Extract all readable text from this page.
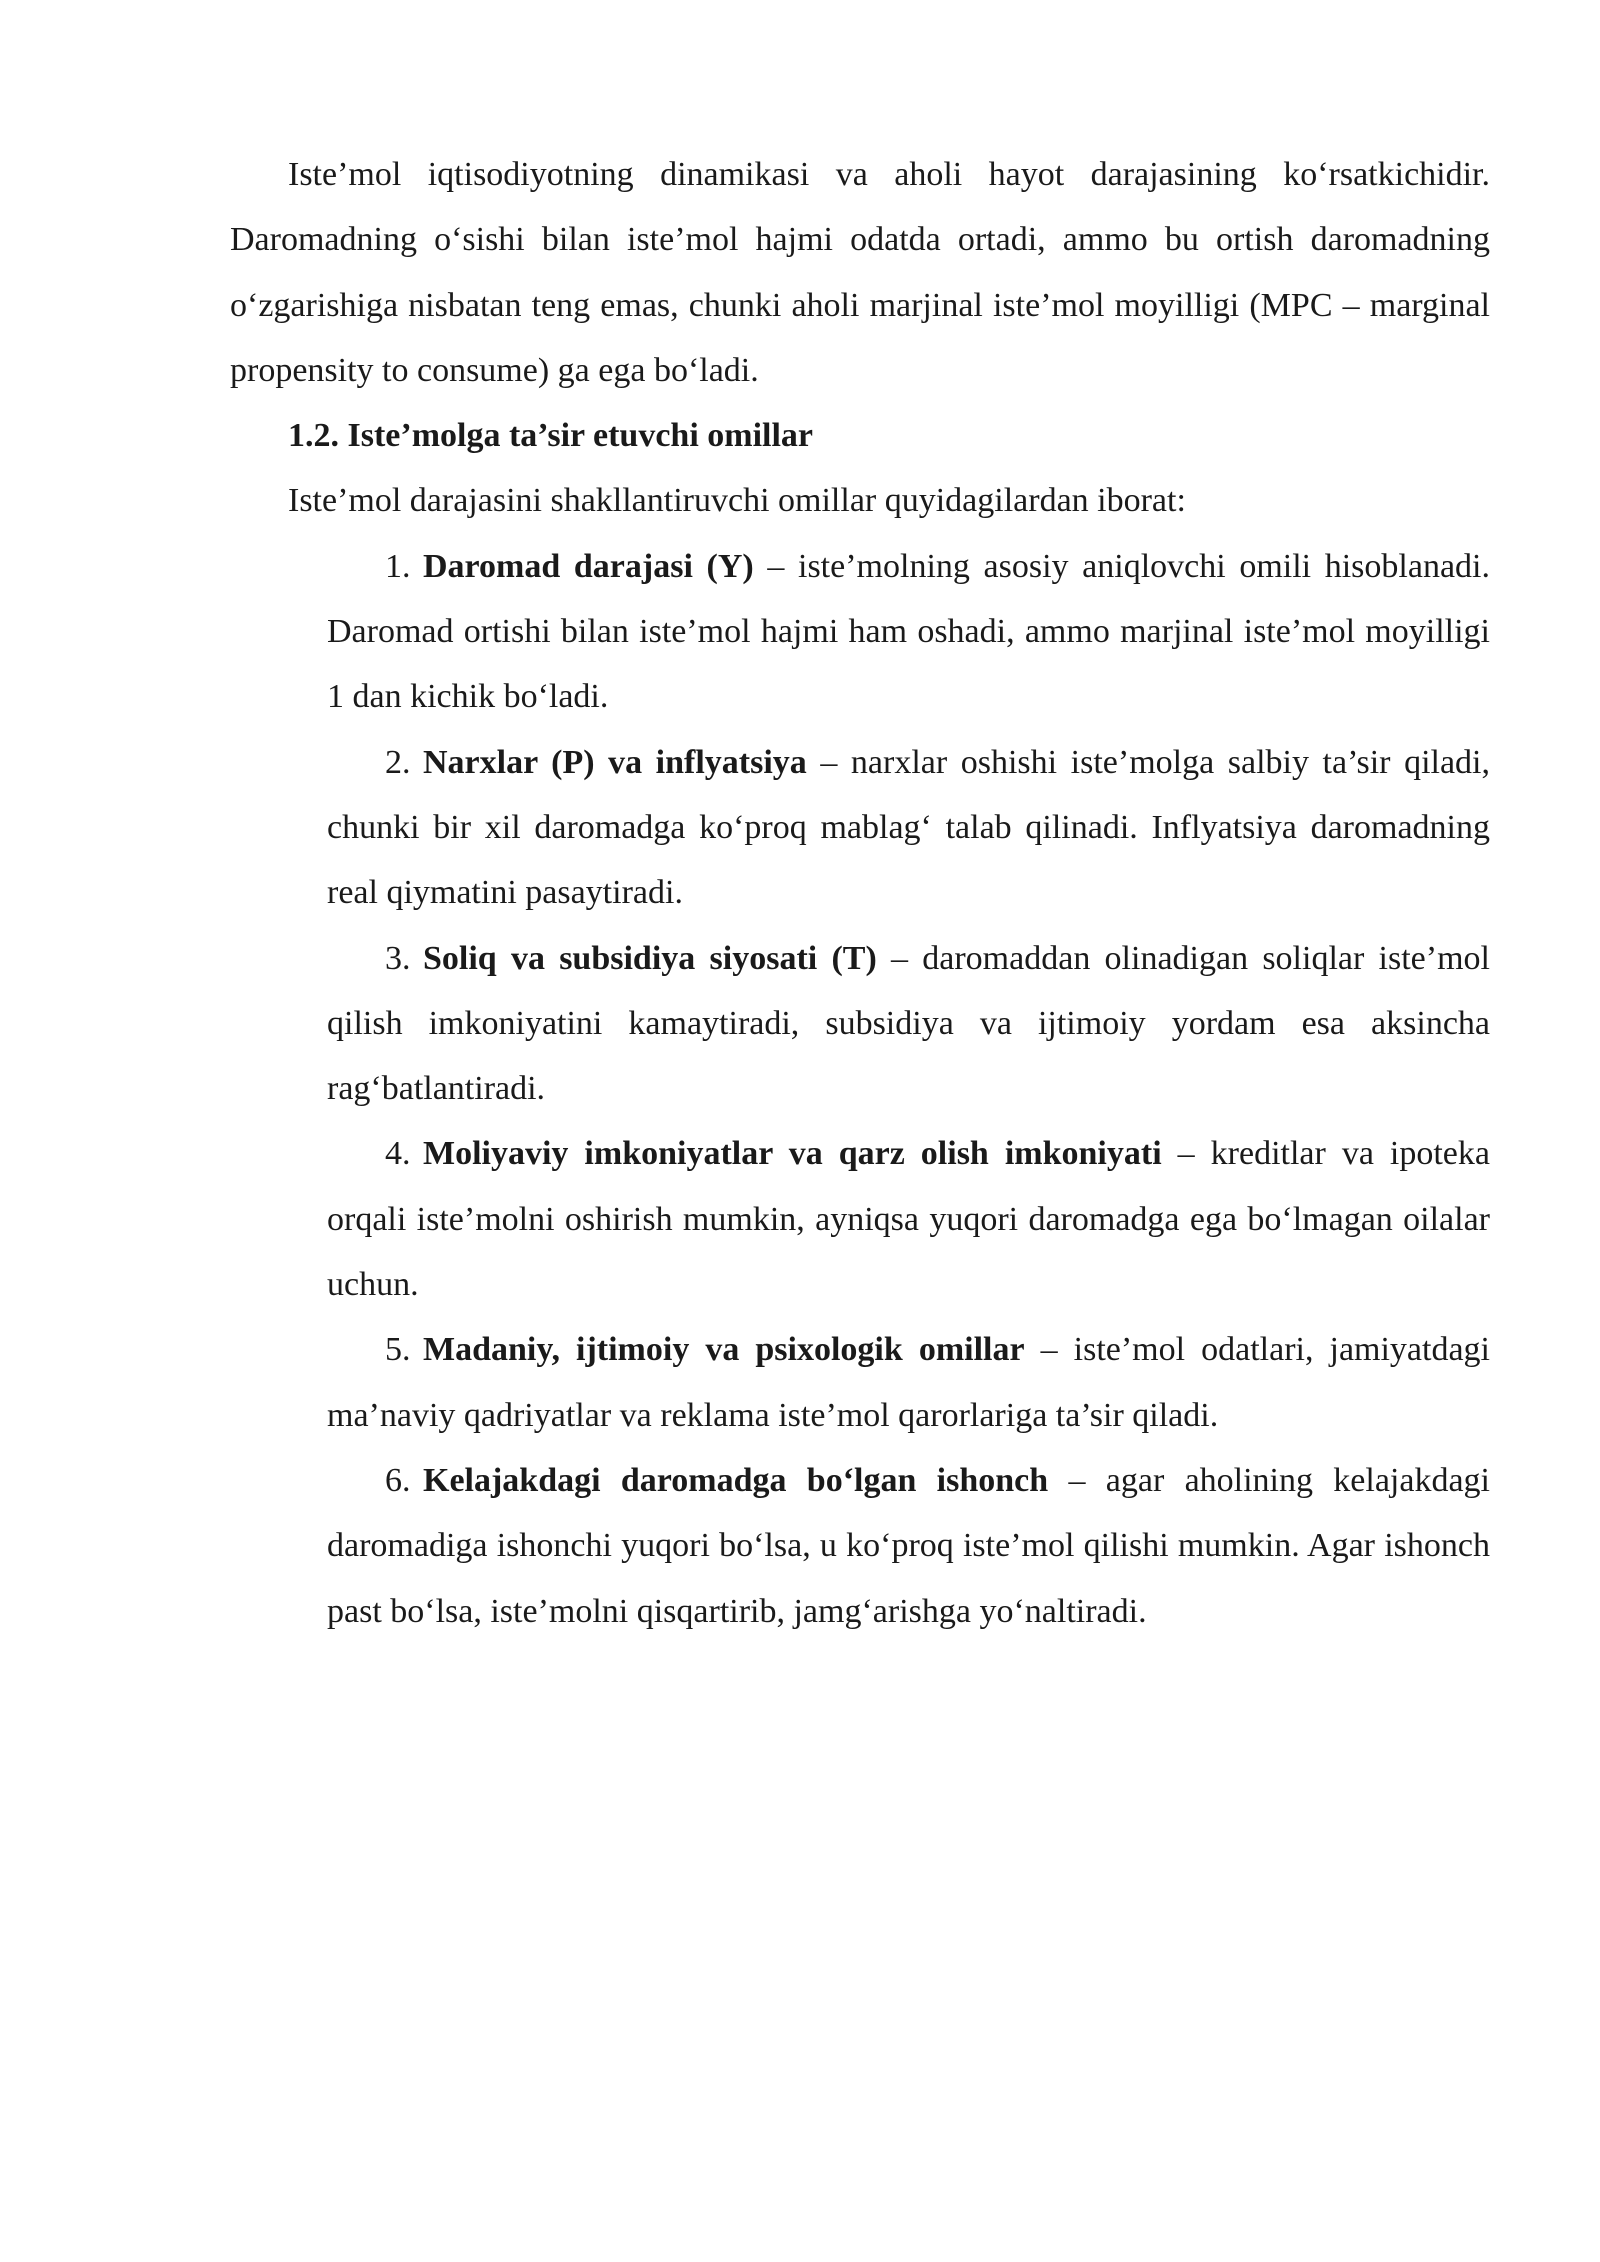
Iste’mol iqtisodiyotning dinamikasi va aholi hayot darajasining ko‘rsatkichidir. Daromadning o‘sishi bilan iste’mol hajmi odatda ortadi, ammo bu ortish daromadning o‘zgarishiga nisbatan teng emas, chunki aholi marjinal iste’mol moyilligi (MPC – marginal propensity to consume) ga ega bo‘ladi.

1.2. Iste’molga ta’sir etuvchi omillar

Iste’mol darajasini shakllantiruvchi omillar quyidagilardan iborat:

1. Daromad darajasi (Y) – iste’molning asosiy aniqlovchi omili hisoblanadi. Daromad ortishi bilan iste’mol hajmi ham oshadi, ammo marjinal iste’mol moyilligi 1 dan kichik bo‘ladi.
2. Narxlar (P) va inflyatsiya – narxlar oshishi iste’molga salbiy ta’sir qiladi, chunki bir xil daromadga ko‘proq mablag‘ talab qilinadi. Inflyatsiya daromadning real qiymatini pasaytiradi.
3. Soliq va subsidiya siyosati (T) – daromaddan olinadigan soliqlar iste’mol qilish imkoniyatini kamaytiradi, subsidiya va ijtimoiy yordam esa aksincha rag‘batlantiradi.
4. Moliyaviy imkoniyatlar va qarz olish imkoniyati – kreditlar va ipoteka orqali iste’molni oshirish mumkin, ayniqsa yuqori daromadga ega bo‘lmagan oilalar uchun.
5. Madaniy, ijtimoiy va psixologik omillar – iste’mol odatlari, jamiyatdagi ma’naviy qadriyatlar va reklama iste’mol qarorlariga ta’sir qiladi.
6. Kelajakdagi daromadga bo‘lgan ishonch – agar aholining kelajakdagi daromadiga ishonchi yuqori bo‘lsa, u ko‘proq iste’mol qilishi mumkin. Agar ishonch past bo‘lsa, iste’molni qisqartirib, jamg‘arishga yo‘naltiradi.
